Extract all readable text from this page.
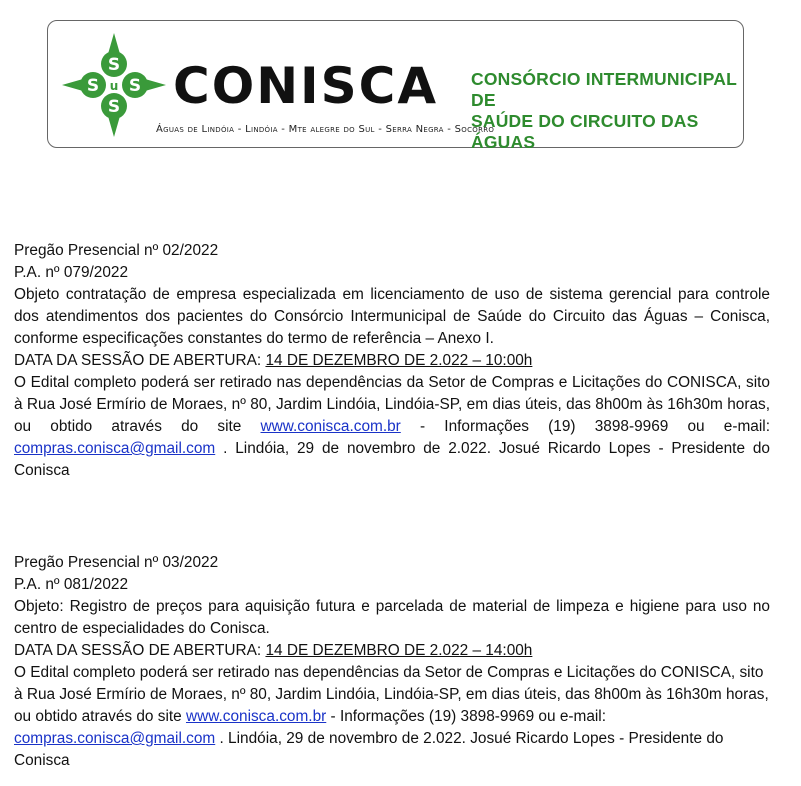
S
S
S S
u CONISCA CONSÓRCIO INTERMUNICIPAL DE
SAÚDE DO CIRCUITO DAS ÁGUAS
Águas de Lindóia - Lindóia - Mte alegre do Sul - Serra Negra - Socorro

Pregão Presencial nº 02/2022

P.A. nº 079/2022

Objeto contratação de empresa especializada em licenciamento de uso de sistema gerencial para controle dos atendimentos dos pacientes do Consórcio Intermunicipal de Saúde do Circuito das Águas – Conisca, conforme especificações constantes do termo de referência – Anexo I.

DATA DA SESSÃO DE ABERTURA: 14 DE DEZEMBRO DE 2.022 – 10:00h

O Edital completo poderá ser retirado nas dependências da Setor de Compras e Licitações do CONISCA, sito à Rua José Ermírio de Moraes, nº 80, Jardim Lindóia, Lindóia-SP, em dias úteis, das 8h00m às 16h30m horas, ou obtido através do site www.conisca.com.br - Informações (19) 3898-9969 ou e-mail: compras.conisca@gmail.com . Lindóia, 29 de novembro de 2.022. Josué Ricardo Lopes - Presidente do Conisca

Pregão Presencial nº 03/2022

P.A. nº 081/2022

Objeto: Registro de preços para aquisição futura e parcelada de material de limpeza e higiene para uso no centro de especialidades do Conisca.

DATA DA SESSÃO DE ABERTURA: 14 DE DEZEMBRO DE 2.022 – 14:00h

O Edital completo poderá ser retirado nas dependências da Setor de Compras e Licitações do CONISCA, sito à Rua José Ermírio de Moraes, nº 80, Jardim Lindóia, Lindóia-SP, em dias úteis, das 8h00m às 16h30m horas, ou obtido através do site www.conisca.com.br - Informações (19) 3898-9969 ou e-mail: compras.conisca@gmail.com . Lindóia, 29 de novembro de 2.022. Josué Ricardo Lopes - Presidente do Conisca
